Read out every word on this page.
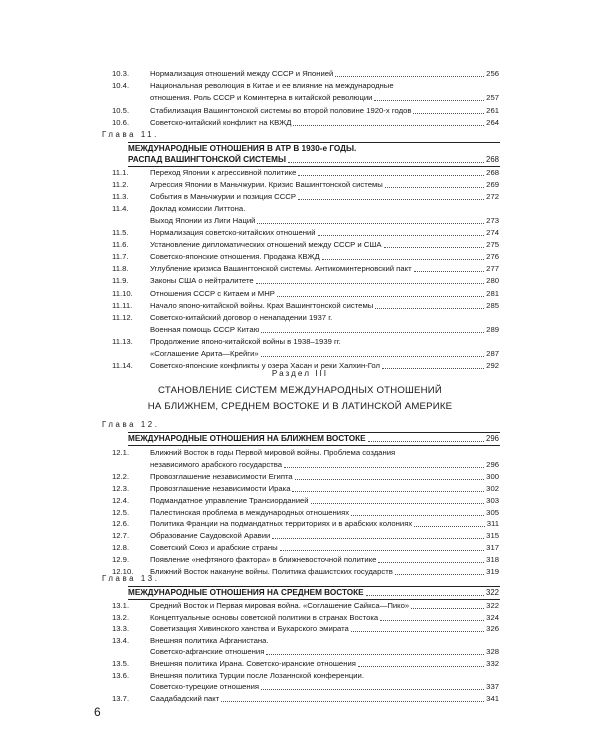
10.3.	Нормализация отношений между СССР и Японией	256
10.4.	Национальная революция в Китае и ее влияние на международные
отношения. Роль СССР и Коминтерна в китайской революции	257
10.5.	Стабилизация Вашингтонской системы во второй половине 1920-х годов	261
10.6.	Советско-китайский конфликт на КВЖД	264
Глава 11.
МЕЖДУНАРОДНЫЕ ОТНОШЕНИЯ В АТР В 1930-е ГОДЫ.
РАСПАД ВАШИНГТОНСКОЙ СИСТЕМЫ	268
11.1.	Переход Японии к агрессивной политике	268
11.2.	Агрессия Японии в Маньчжурии. Кризис Вашингтонской системы	269
11.3.	События в Маньчжурии и позиция СССР	272
11.4.	Доклад комиссии Литтона.
Выход Японии из Лиги Наций	273
11.5.	Нормализация советско-китайских отношений	274
11.6.	Установление дипломатических отношений между СССР и США	275
11.7.	Советско-японские отношения. Продажа КВЖД	276
11.8.	Углубление кризиса Вашингтонской системы. Антикоминтерновский пакт	277
11.9.	Законы США о нейтралитете	280
11.10.	Отношения СССР с Китаем и МНР	281
11.11.	Начало японо-китайской войны. Крах Вашингтонской системы	285
11.12.	Советско-китайский договор о ненападении 1937 г.
Военная помощь СССР Китаю	289
11.13.	Продолжение японо-китайской войны в 1938–1939 гг.
«Соглашение Арита—Крейги»	287
11.14.	Советско-японские конфликты у озера Хасан и реки Халхин-Гол	292
Раздел III
СТАНОВЛЕНИЕ СИСТЕМ МЕЖДУНАРОДНЫХ ОТНОШЕНИЙ
НА БЛИЖНЕМ, СРЕДНЕМ ВОСТОКЕ И В ЛАТИНСКОЙ АМЕРИКЕ
Глава 12.
МЕЖДУНАРОДНЫЕ ОТНОШЕНИЯ НА БЛИЖНЕМ ВОСТОКЕ	296
12.1.	Ближний Восток в годы Первой мировой войны. Проблема создания
независимого арабского государства	296
12.2.	Провозглашение независимости Египта	300
12.3.	Провозглашение независимости Ирака	302
12.4.	Подмандатное управление Трансиорданией	303
12.5.	Палестинская проблема в международных отношениях	305
12.6.	Политика Франции на подмандатных территориях и в арабских колониях	311
12.7.	Образование Саудовской Аравии	315
12.8.	Советский Союз и арабские страны	317
12.9.	Появление «нефтяного фактора» в ближневосточной политике	318
12.10.	Ближний Восток накануне войны. Политика фашистских государств	319
Глава 13.
МЕЖДУНАРОДНЫЕ ОТНОШЕНИЯ НА СРЕДНЕМ ВОСТОКЕ	322
13.1.	Средний Восток и Первая мировая война. «Соглашение Сайкса—Пико»	322
13.2.	Концептуальные основы советской политики в странах Востока	324
13.3.	Советизация Хивинского ханства и Бухарского эмирата	326
13.4.	Внешняя политика Афганистана.
Советско-афганские отношения	328
13.5.	Внешняя политика Ирана. Советско-иранские отношения	332
13.6.	Внешняя политика Турции после Лозаннской конференции.
Советско-турецкие отношения	337
13.7.	Саадабадский пакт	341
6
